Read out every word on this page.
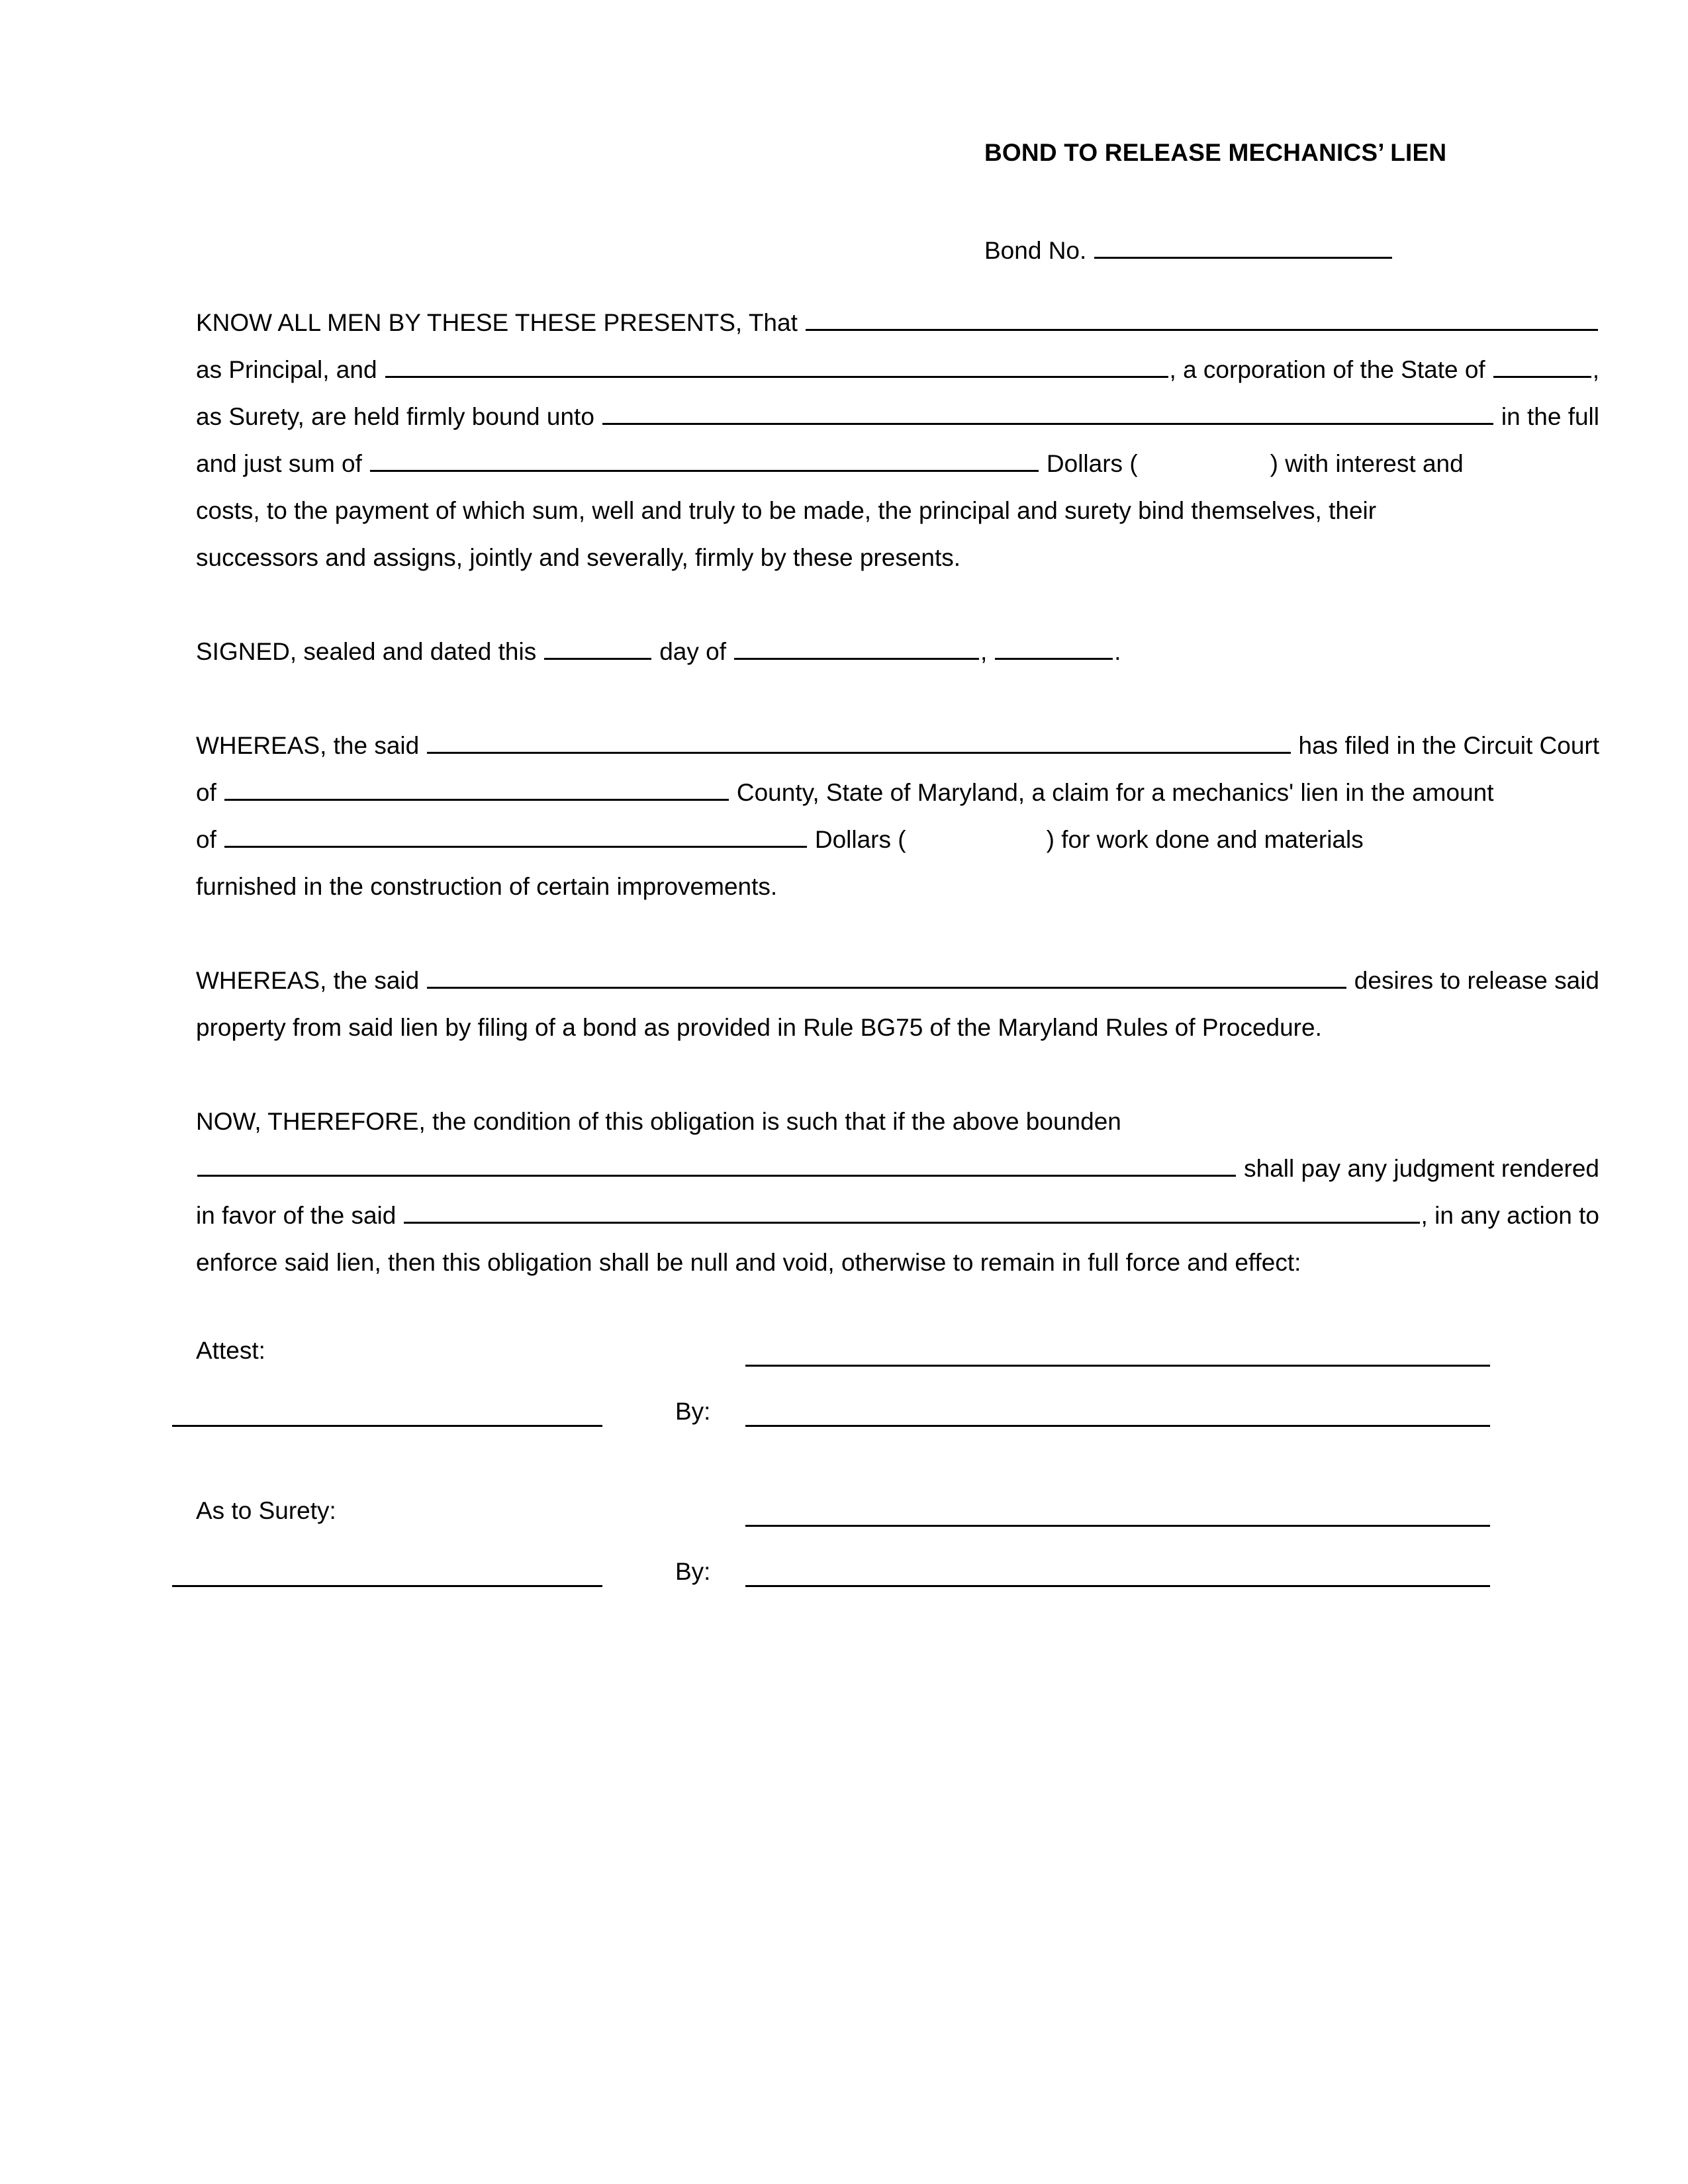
BOND TO RELEASE MECHANICS’ LIEN
Bond No.
KNOW ALL MEN BY THESE THESE PRESENTS, That
as Principal, and	, a corporation of the State of	,
as Surety, are held firmly bound unto	in the full
and just sum of	Dollars (	) with interest and
costs, to the payment of which sum, well and truly to be made, the principal and surety bind themselves, their
successors and assigns, jointly and severally, firmly by these presents.
SIGNED, sealed and dated this	day of	,	.
WHEREAS, the said	has filed in the Circuit Court
of	County, State of Maryland, a claim for a mechanics' lien in the amount
of	Dollars (	) for work done and materials
furnished in the construction of certain improvements.
WHEREAS, the said	desires to release said
property from said lien by filing of a bond as provided in Rule BG75 of the Maryland Rules of Procedure.
NOW, THEREFORE, the condition of this obligation is such that if the above bounden
shall pay any judgment rendered
in favor of the said	, in any action to
enforce said lien, then this obligation shall be null and void, otherwise to remain in full force and effect:
Attest:
By:
As to Surety:
By:
